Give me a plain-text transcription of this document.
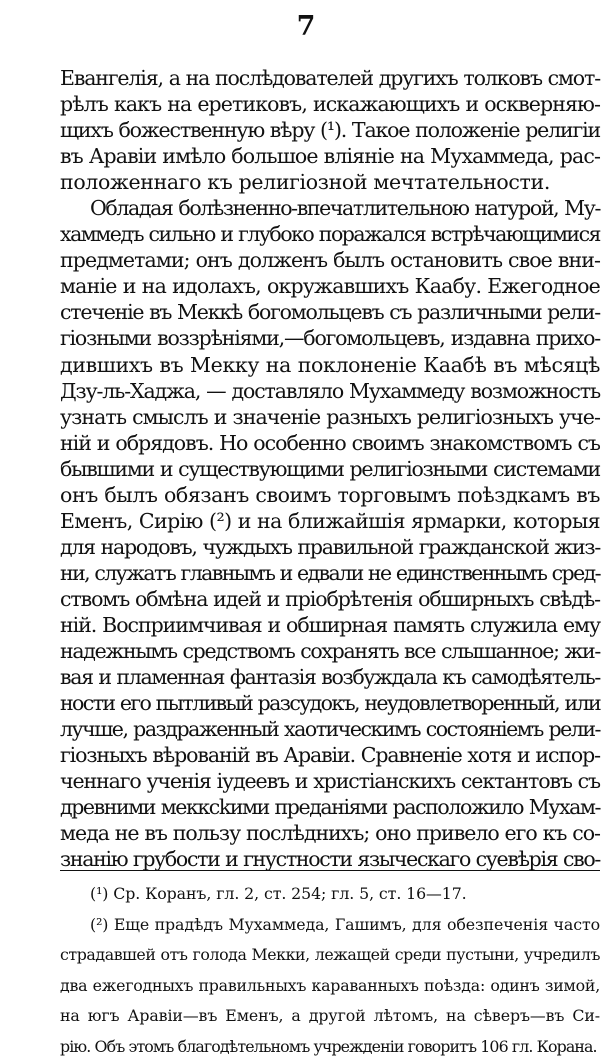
7
Евангелія, а на послѣдователей другихъ толковъ смот-
рѣлъ какъ на еретиковъ, искажающихъ и оскверняю-
щихъ божественную вѣру (¹). Такое положеніе религіи
въ Аравіи имѣло большое вліяніе на Мухаммеда, рас-
положеннаго къ религіозной мечтательности.
Обладая болѣзненно-впечатлительною натурой, Му-
хаммедъ сильно и глубоко поражался встрѣчающимися
предметами; онъ долженъ былъ остановить свое вни-
маніе и на идолахъ, окружавшихъ Каабу. Ежегодное
стеченіе въ Меккѣ богомольцевъ съ различными рели-
гіозными воззрѣніями,—богомольцевъ, издавна прихо-
дившихъ въ Мекку на поклоненіе Каабѣ въ мѣсяцѣ
Дзу-ль-Хаджа, — доставляло Мухаммеду возможность
узнать смыслъ и значеніе разныхъ религіозныхъ уче-
ній и обрядовъ. Но особенно своимъ знакомствомъ съ
бывшими и существующими религіозными системами
онъ былъ обязанъ своимъ торговымъ поѣздкамъ въ
Еменъ, Сирію (²) и на ближайшія ярмарки, которыя
для народовъ, чуждыхъ правильной гражданской жиз-
ни, служатъ главнымъ и едвали не единственнымъ сред-
ствомъ обмѣна идей и пріобрѣтенія обширныхъ свѣдѣ-
ній. Восприимчивая и обширная память служила ему
надежнымъ средствомъ сохранять все слышанное; жи-
вая и пламенная фантазія возбуждала къ самодѣятель-
ности его пытливый разсудокъ, неудовлетворенный, или
лучше, раздраженный хаотическимъ состояніемъ рели-
гіозныхъ вѣрованій въ Аравіи. Сравненіе хотя и испор-
ченнаго ученія іудеевъ и христіанскихъ сектантовъ съ
древними мекксkими преданіями расположило Мухам-
меда не въ пользу послѣднихъ; оно привело его къ со-
знанію грубости и гнустности языческаго суевѣрія сво-
(¹) Ср. Коранъ, гл. 2, ст. 254; гл. 5, ст. 16—17.
(²) Еще прадѣдъ Мухаммеда, Гашимъ, для обезпеченія часто
страдавшей отъ голода Мекки, лежащей среди пустыни, учредилъ
два ежегодныхъ правильныхъ караванныхъ поѣзда: одинъ зимой,
на югъ Аравіи—въ Еменъ, а другой лѣтомъ, на сѣверъ—въ Си-
рію. Объ этомъ благодѣтельномъ учрежденіи говоритъ 106 гл. Корана.
